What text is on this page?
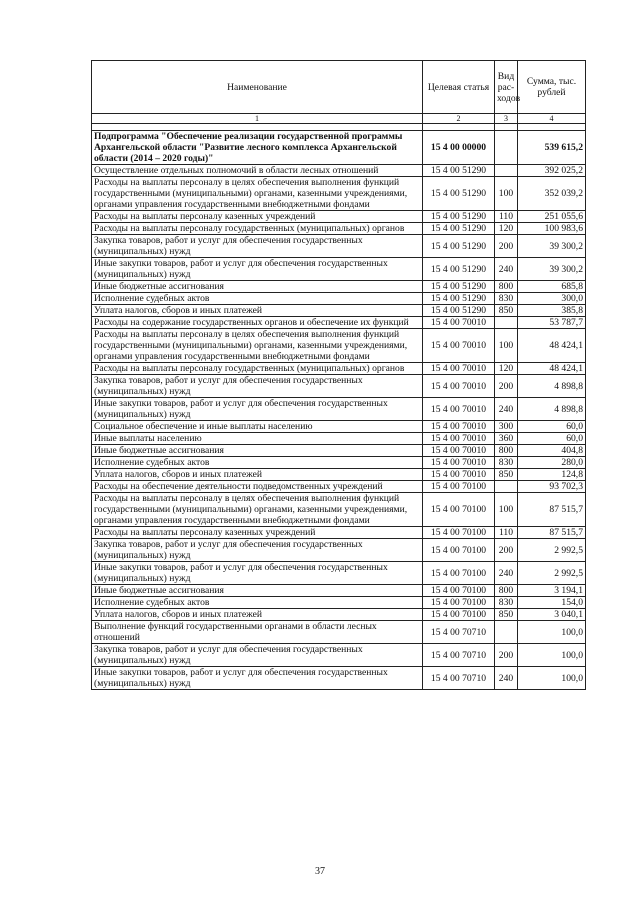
Наименование	Целевая статья	Вид рас-ходов	Сумма, тыс. рублей
1	2	3	4

Подпрограмма "Обеспечение реализации государственной программы Архангельской области "Развитие лесного комплекса Архангельской области (2014 – 2020 годы)"	15 4 00 00000		539 615,2
Осуществление отдельных полномочий в области лесных отношений	15 4 00 51290		392 025,2
Расходы на выплаты персоналу в целях обеспечения выполнения функций государственными (муниципальными) органами, казенными учреждениями, органами управления государственными внебюджетными фондами	15 4 00 51290	100	352 039,2
Расходы на выплаты персоналу казенных учреждений	15 4 00 51290	110	251 055,6
Расходы на выплаты персоналу государственных (муниципальных) органов	15 4 00 51290	120	100 983,6
Закупка товаров, работ и услуг для обеспечения государственных (муниципальных) нужд	15 4 00 51290	200	39 300,2
Иные закупки товаров, работ и услуг для обеспечения государственных (муниципальных) нужд	15 4 00 51290	240	39 300,2
Иные бюджетные ассигнования	15 4 00 51290	800	685,8
Исполнение судебных актов	15 4 00 51290	830	300,0
Уплата налогов, сборов и иных платежей	15 4 00 51290	850	385,8
Расходы на содержание государственных органов и обеспечение их функций	15 4 00 70010		53 787,7
Расходы на выплаты персоналу в целях обеспечения выполнения функций государственными (муниципальными) органами, казенными учреждениями, органами управления государственными внебюджетными фондами	15 4 00 70010	100	48 424,1
Расходы на выплаты персоналу государственных (муниципальных) органов	15 4 00 70010	120	48 424,1
Закупка товаров, работ и услуг для обеспечения государственных (муниципальных) нужд	15 4 00 70010	200	4 898,8
Иные закупки товаров, работ и услуг для обеспечения государственных (муниципальных) нужд	15 4 00 70010	240	4 898,8
Социальное обеспечение и иные выплаты населению	15 4 00 70010	300	60,0
Иные выплаты населению	15 4 00 70010	360	60,0
Иные бюджетные ассигнования	15 4 00 70010	800	404,8
Исполнение судебных актов	15 4 00 70010	830	280,0
Уплата налогов, сборов и иных платежей	15 4 00 70010	850	124,8
Расходы на обеспечение деятельности подведомственных учреждений	15 4 00 70100		93 702,3
Расходы на выплаты персоналу в целях обеспечения выполнения функций государственными (муниципальными) органами, казенными учреждениями, органами управления государственными внебюджетными фондами	15 4 00 70100	100	87 515,7
Расходы на выплаты персоналу казенных учреждений	15 4 00 70100	110	87 515,7
Закупка товаров, работ и услуг для обеспечения государственных (муниципальных) нужд	15 4 00 70100	200	2 992,5
Иные закупки товаров, работ и услуг для обеспечения государственных (муниципальных) нужд	15 4 00 70100	240	2 992,5
Иные бюджетные ассигнования	15 4 00 70100	800	3 194,1
Исполнение судебных актов	15 4 00 70100	830	154,0
Уплата налогов, сборов и иных платежей	15 4 00 70100	850	3 040,1
Выполнение функций государственными органами в области лесных отношений	15 4 00 70710		100,0
Закупка товаров, работ и услуг для обеспечения государственных (муниципальных) нужд	15 4 00 70710	200	100,0
Иные закупки товаров, работ и услуг для обеспечения государственных (муниципальных) нужд	15 4 00 70710	240	100,0
37
